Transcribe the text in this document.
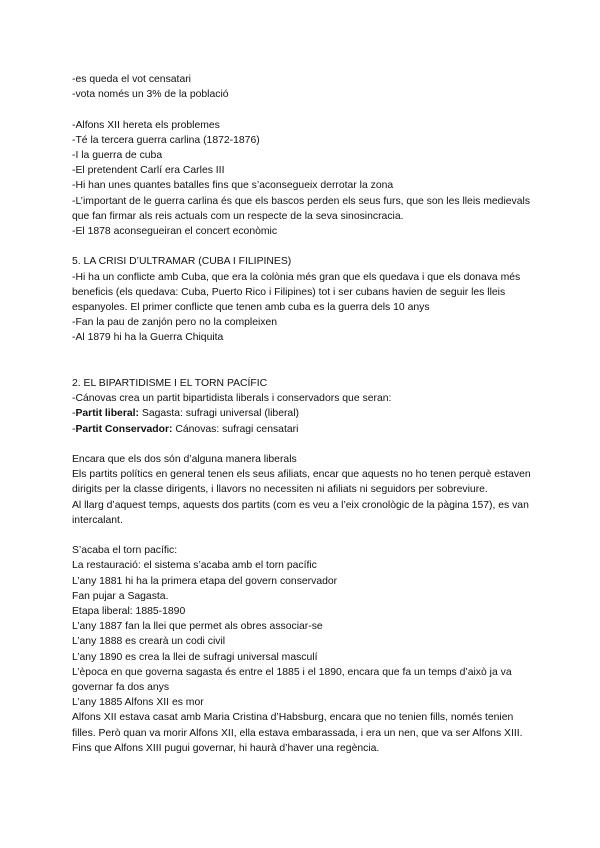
-es queda el vot censatari
-vota només un 3% de la població
-Alfons XII hereta els problemes
-Té la tercera guerra carlina (1872-1876)
-I la guerra de cuba
-El pretendent Carlí era Carles III
-Hi han unes quantes batalles fins que s’aconsegueix derrotar la zona
-L’important de le guerra carlina és que els bascos perden els seus furs, que son les lleis medievals que fan firmar als reis actuals com un respecte de la seva sinosincracia.
-El 1878 aconsegueiran el concert econòmic
5. LA CRISI D’ULTRAMAR (CUBA I FILIPINES)
-Hi ha un conflicte amb Cuba, que era la colònia més gran que els quedava i que els donava més beneficis (els quedava: Cuba, Puerto Rico i Filipines) tot i ser cubans havien de seguir les lleis espanyoles. El primer conflicte que tenen amb cuba es la guerra dels 10 anys
-Fan la pau de zanjón pero no la compleixen
-Al 1879 hi ha la Guerra Chiquita
2. EL BIPARTIDISME I EL TORN PACÍFIC
-Cánovas crea un partit bipartidista liberals i conservadors que seran:
-Partit liberal: Sagasta: sufragi universal (liberal)
-Partit Conservador: Cánovas: sufragi censatari
Encara que els dos són d’alguna manera liberals
Els partits polítics en general tenen els seus afiliats, encar que aquests no ho tenen perquè estaven dirigits per la classe dirigents, i llavors no necessiten ni afiliats ni seguidors per sobreviure.
Al llarg d’aquest temps, aquests dos partits (com es veu a l’eix cronològic de la pàgina 157), es van intercalant.
S’acaba el torn pacífic:
La restauració: el sistema s’acaba amb el torn pacífic
L’any 1881 hi ha la primera etapa del govern conservador
Fan pujar a Sagasta.
Etapa liberal: 1885-1890
L’any 1887 fan la llei que permet als obres associar-se
L’any 1888 es crearà un codi civil
L’any 1890 es crea la llei de sufragi universal masculí
L’època en que governa sagasta és entre el 1885 i el 1890, encara que fa un temps d’això ja va governar fa dos anys
L’any 1885 Alfons XII es mor
Alfons XII estava casat amb Maria Cristina d’Habsburg, encara que no tenien fills, només tenien filles. Però quan va morir Alfons XII, ella estava embarassada, i era un nen, que va ser Alfons XIII.
Fins que Alfons XIII pugui governar, hi haurà d’haver una regència.
